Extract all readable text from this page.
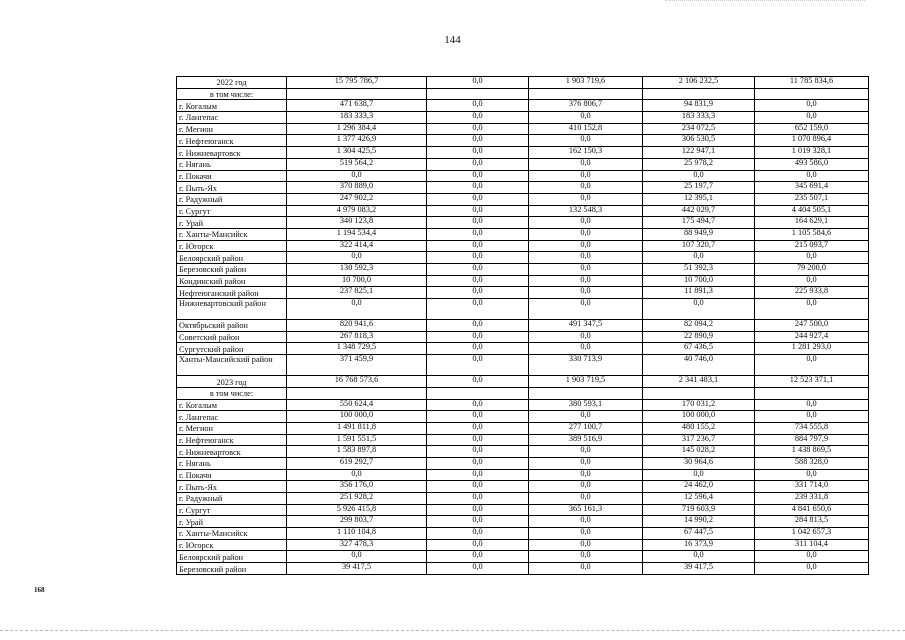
144
2022 год	15 795 786,7	0,0	1 903 719,6	2 106 232,5	11 785 834,6
в том числе:					
г. Когалым	471 638,7	0,0	376 806,7	94 831,9	0,0
г. Лангепас	183 333,3	0,0	0,0	183 333,3	0,0
г. Мегион	1 296 384,4	0,0	410 152,8	234 072,5	652 159,0
г. Нефтеюганск	1 377 426,9	0,0	0,0	306 530,5	1 070 896,4
г. Нижневартовск	1 304 425,5	0,0	162 150,3	122 947,1	1 019 328,1
г. Нягань	519 564,2	0,0	0,0	25 978,2	493 586,0
г. Покачи	0,0	0,0	0,0	0,0	0,0
г. Пыть-Ях	370 889,0	0,0	0,0	25 197,7	345 691,4
г. Радужный	247 902,2	0,0	0,0	12 395,1	235 507,1
г. Сургут	4 979 083,2	0,0	132 548,3	442 029,7	4 404 505,1
г. Урай	340 123,8	0,0	0,0	175 494,7	164 629,1
г. Ханты-Мансийск	1 194 534,4	0,0	0,0	88 949,9	1 105 584,6
г. Югорск	322 414,4	0,0	0,0	107 320,7	215 093,7
Белоярский район	0,0	0,0	0,0	0,0	0,0
Березовский район	130 592,3	0,0	0,0	51 392,3	79 200,0
Кондинский район	10 700,0	0,0	0,0	10 700,0	0,0
Нефтеюганский район	237 825,1	0,0	0,0	11 891,3	225 933,8
Нижневартовский район	0,0	0,0	0,0	0,0	0,0
Октябрьский район	820 941,6	0,0	491 347,5	82 094,2	247 500,0
Советский район	267 818,3	0,0	0,0	22 890,9	244 927,4
Сургутский район	1 348 729,5	0,0	0,0	67 436,5	1 281 293,0
Ханты-Мансийский район	371 459,9	0,0	330 713,9	40 746,0	0,0
2023 год	16 768 573,6	0,0	1 903 719,5	2 341 483,1	12 523 371,1
в том числе:					
г. Когалым	550 624,4	0,0	380 593,1	170 031,2	0,0
г. Лангепас	100 000,0	0,0	0,0	100 000,0	0,0
г. Мегион	1 491 811,8	0,0	277 100,7	480 155,2	734 555,8
г. Нефтеюганск	1 591 551,5	0,0	389 516,9	317 236,7	884 797,9
г. Нижневартовск	1 583 897,8	0,0	0,0	145 028,2	1 438 869,5
г. Нягань	619 292,7	0,0	0,0	30 964,6	588 328,0
г. Покачи	0,0	0,0	0,0	0,0	0,0
г. Пыть-Ях	356 176,0	0,0	0,0	24 462,0	331 714,0
г. Радужный	251 928,2	0,0	0,0	12 596,4	239 331,8
г. Сургут	5 926 415,8	0,0	365 161,3	719 603,9	4 841 650,6
г. Урай	299 803,7	0,0	0,0	14 990,2	284 813,5
г. Ханты-Мансийск	1 110 104,8	0,0	0,0	67 447,5	1 042 657,3
г. Югорск	327 478,3	0,0	0,0	16 373,9	311 104,4
Белоярский район	0,0	0,0	0,0	0,0	0,0
Березовский район	39 417,5	0,0	0,0	39 417,5	0,0
168
